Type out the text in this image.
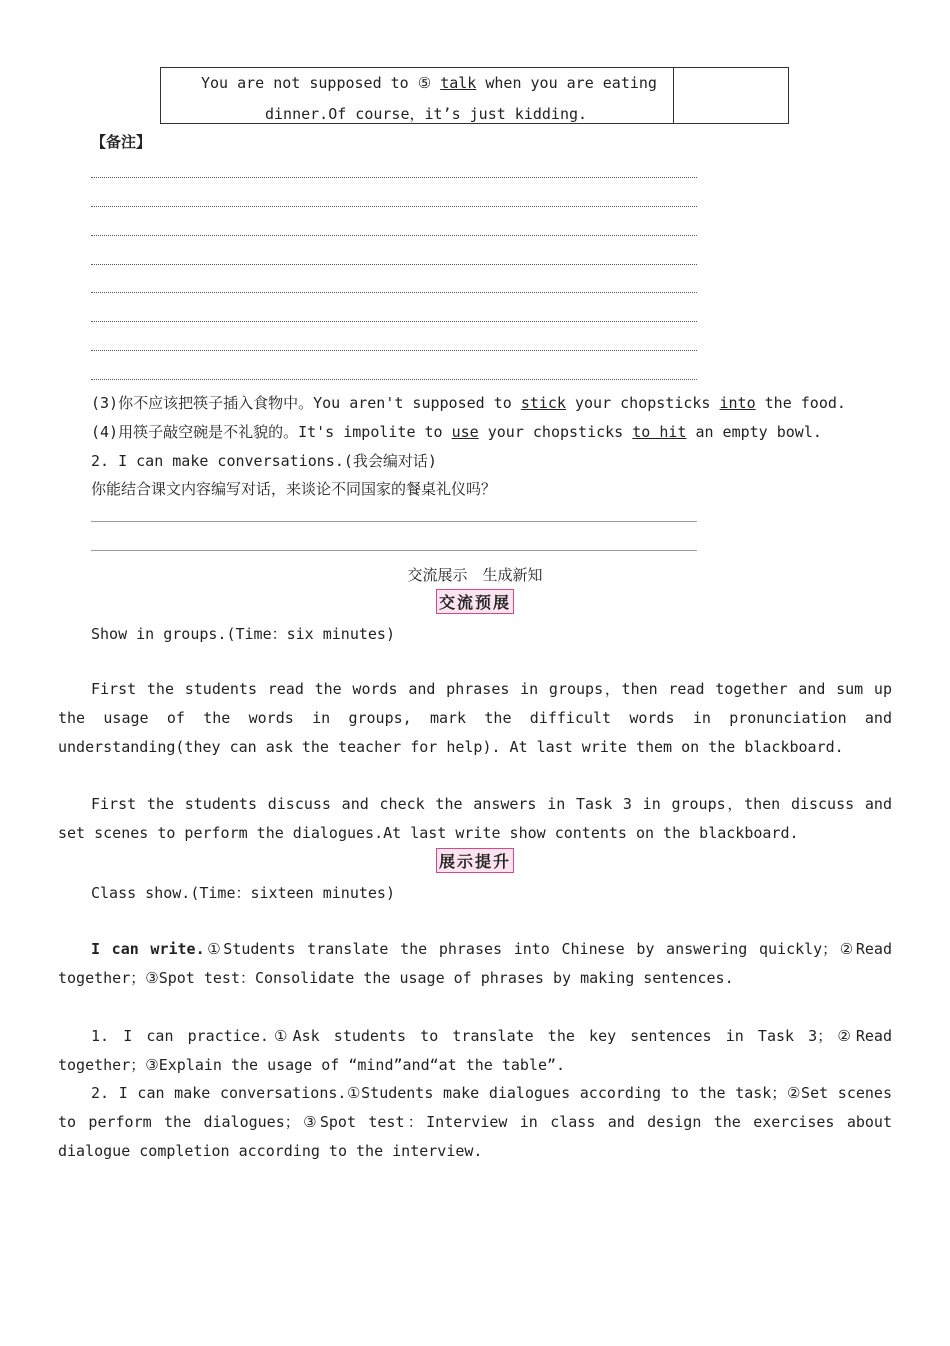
You are not supposed to ⑤ talk when you are eating
dinner.Of course，it’s just kidding.
【备注】
(3)你不应该把筷子插入食物中。You aren't supposed to stick your chopsticks into the food.
(4)用筷子敲空碗是不礼貌的。It's impolite to use your chopsticks to hit an empty bowl.
2. I can make conversations.(我会编对话)
你能结合课文内容编写对话，来谈论不同国家的餐桌礼仪吗？
交流展示　生成新知
交流预展
Show in groups.(Time：six minutes)
First the students read the words and phrases in groups，then read together and sum up the usage of the words in groups, mark the difficult words in pronunciation and understanding(they can ask the teacher for help). At last write them on the blackboard.
First the students discuss and check the answers in Task 3 in groups，then discuss and set scenes to perform the dialogues.At last write show contents on the blackboard.
展示提升
Class show.(Time：sixteen minutes)
I can write.①Students translate the phrases into Chinese by answering quickly；②Read together；③Spot test：Consolidate the usage of phrases by making sentences.
1. I can practice.①Ask students to translate the key sentences in Task 3；②Read together；③Explain the usage of “mind”and“at the table”.
2. I can make conversations.①Students make dialogues according to the task；②Set scenes to perform the dialogues；③Spot test：Interview in class and design the exercises about dialogue completion according to the interview.
